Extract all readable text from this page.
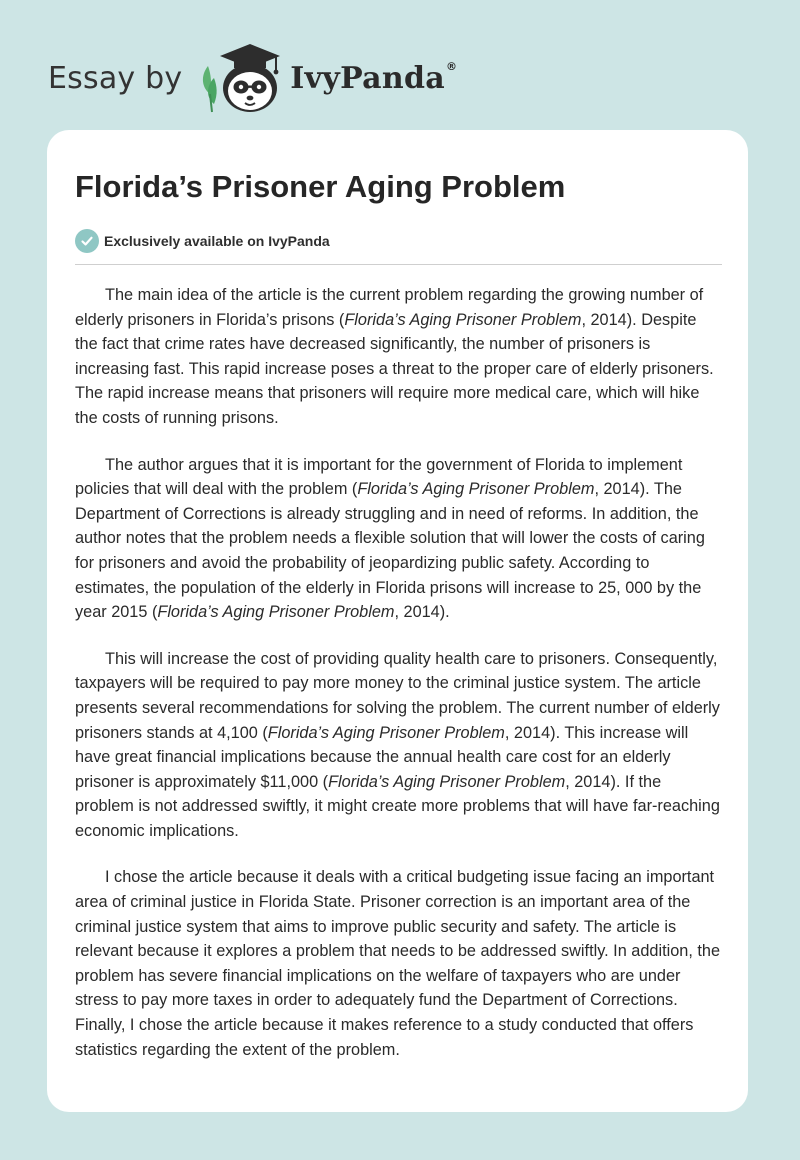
Essay by	IvyPanda ®
Florida’s Prisoner Aging Problem
Exclusively available on IvyPanda

The main idea of the article is the current problem regarding the growing number of elderly prisoners in Florida’s prisons (Florida’s Aging Prisoner Problem, 2014). Despite the fact that crime rates have decreased significantly, the number of prisoners is increasing fast. This rapid increase poses a threat to the proper care of elderly prisoners. The rapid increase means that prisoners will require more medical care, which will hike the costs of running prisons.

The author argues that it is important for the government of Florida to implement policies that will deal with the problem (Florida’s Aging Prisoner Problem, 2014). The Department of Corrections is already struggling and in need of reforms. In addition, the author notes that the problem needs a flexible solution that will lower the costs of caring for prisoners and avoid the probability of jeopardizing public safety. According to estimates, the population of the elderly in Florida prisons will increase to 25, 000 by the year 2015 (Florida’s Aging Prisoner Problem, 2014).

This will increase the cost of providing quality health care to prisoners. Consequently, taxpayers will be required to pay more money to the criminal justice system. The article presents several recommendations for solving the problem. The current number of elderly prisoners stands at 4,100 (Florida’s Aging Prisoner Problem, 2014). This increase will have great financial implications because the annual health care cost for an elderly prisoner is approximately $11,000 (Florida’s Aging Prisoner Problem, 2014). If the problem is not addressed swiftly, it might create more problems that will have far-reaching economic implications.

I chose the article because it deals with a critical budgeting issue facing an important area of criminal justice in Florida State. Prisoner correction is an important area of the criminal justice system that aims to improve public security and safety. The article is relevant because it explores a problem that needs to be addressed swiftly. In addition, the problem has severe financial implications on the welfare of taxpayers who are under stress to pay more taxes in order to adequately fund the Department of Corrections. Finally, I chose the article because it makes reference to a study conducted that offers statistics regarding the extent of the problem.
